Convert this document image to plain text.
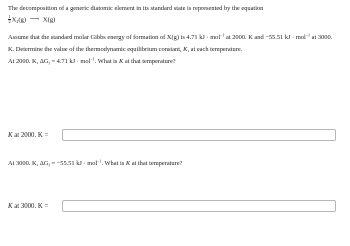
The decomposition of a generic diatomic element in its standard state is represented by the equation
$\frac{1}{2} X_2(g)$ ⟶ X(g)
Assume that the standard molar Gibbs energy of formation of X(g) is 4.71 kJ · mol$^{-1}$ at 2000. K and −55.51 kJ · mol$^{-1}$ at 3000.
K. Determine the value of the thermodynamic equilibrium constant, K, at each temperature.
At 2000. K, $\Delta G_f = 4.71$ kJ · mol$^{-1}$. What is K at that temperature?
K at 2000. K =
At 3000. K, $\Delta G_f = -55.51$ kJ · mol$^{-1}$. What is K at that temperature?
K at 3000. K =
